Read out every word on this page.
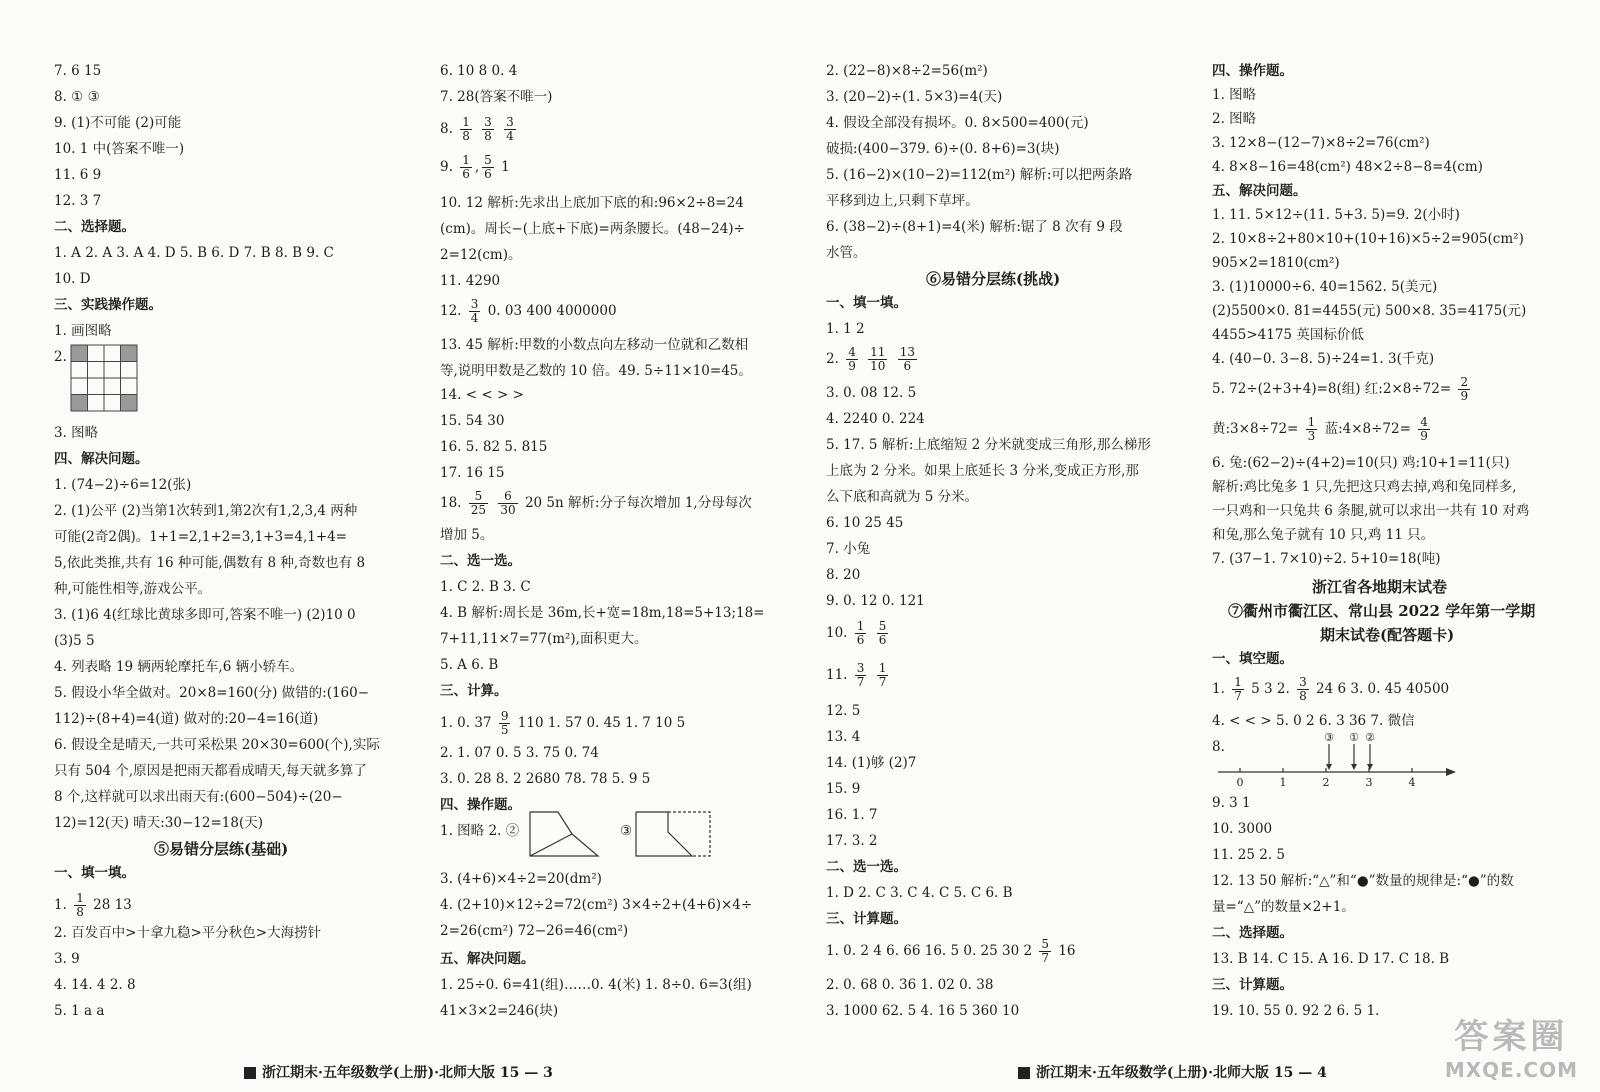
7. 6 15
8. ① ③
9. (1)不可能 (2)可能
10. 1 中(答案不唯一)
11. 6 9
12. 3 7
二、选择题。
1. A 2. A 3. A 4. D 5. B 6. D 7. B 8. B 9. C
10. D
三、实践操作题。
1. 画图略
2.
3. 图略
四、解决问题。
1. (74−2)÷6=12(张)
2. (1)公平 (2)当第1次转到1,第2次有1,2,3,4 两种
可能(2奇2偶)。1+1=2,1+2=3,1+3=4,1+4=
5,依此类推,共有 16 种可能,偶数有 8 种,奇数也有 8
种,可能性相等,游戏公平。
3. (1)6 4(红球比黄球多即可,答案不唯一) (2)10 0
(3)5 5
4. 列表略 19 辆两轮摩托车,6 辆小轿车。
5. 假设小华全做对。20×8=160(分) 做错的:(160−
112)÷(8+4)=4(道) 做对的:20−4=16(道)
6. 假设全是晴天,一共可采松果 20×30=600(个),实际
只有 504 个,原因是把雨天都看成晴天,每天就多算了
8 个,这样就可以求出雨天有:(600−504)÷(20−
12)=12(天) 晴天:30−12=18(天)
⑤易错分层练(基础)
一、填一填。
1. $\frac{1}{8} 28$ 13
2. 百发百中>十拿九稳>平分秋色>大海捞针
3. 9
4. 14. 4 2. 8
5. 1 a a
6. 10 8 0. 4
7. 28(答案不唯一)
8. $\frac{1}{8}$
$\frac{3}{8}$
$\frac{3}{4}$
9. $\frac{1}{6}$ , $\frac{5}{6} 1$
10. 12 解析:先求出上底加下底的和:96×2÷8=24
(cm)。周长−(上底+下底)=两条腰长。(48−24)÷
2=12(cm)。
11. 4290
12. $\frac{3}{4} 0$. 03 400 4000000
13. 45 解析:甲数的小数点向左移动一位就和乙数相
等,说明甲数是乙数的 10 倍。49. 5÷11×10=45。
14. < < > >
15. 54 30
16. 5. 82 5. 815
17. 16 15
18. $\frac{5}{25}$
$\frac{6}{30} 20$ 5n 解析:分子每次增加 1,分母每次
增加 5。
二、选一选。
1. C 2. B 3. C
4. B 解析:周长是 36m,长+宽=18m,18=5+13;18=
7+11,11×7=77(m²),面积更大。
5. A 6. B
三、计算。
1. 0. $37 \frac{9}{5} 110$ 1. 57 0. 45 1. 7 10 5
2. 1. 07 0. 5 3. 75 0. 74
3. 0. 28 8. 2 2680 78. 78 5. 9 5
四、操作题。
1. 图略 2. ②	③
3. (4+6)×4÷2=20(dm²)
4. (2+10)×12÷2=72(cm²) 3×4÷2+(4+6)×4÷
2=26(cm²) 72−26=46(cm²)
五、解决问题。
1. 25÷0. 6=41(组)……0. 4(米) 1. 8÷0. 6=3(组)
41×3×2=246(块)
2. (22−8)×8÷2=56(m²)
3. (20−2)÷(1. 5×3)=4(天)
4. 假设全部没有损坏。0. 8×500=400(元)
破损:(400−379. 6)÷(0. 8+6)=3(块)
5. (16−2)×(10−2)=112(m²) 解析:可以把两条路
平移到边上,只剩下草坪。
6. (38−2)÷(8+1)=4(米) 解析:锯了 8 次有 9 段
水管。
⑥易错分层练(挑战)
一、填一填。
1. 1 2
2. $\frac{4}{9}$
$\frac{11}{10}$
$\frac{13}{6}$
3. 0. 08 12. 5
4. 2240 0. 224
5. 17. 5 解析:上底缩短 2 分米就变成三角形,那么梯形
上底为 2 分米。如果上底延长 3 分米,变成正方形,那
么下底和高就为 5 分米。
6. 10 25 45
7. 小兔
8. 20
9. 0. 12 0. 121
10. $\frac{1}{6}$
$\frac{5}{6}$
11. $\frac{3}{7}$
$\frac{1}{7}$
12. 5
13. 4
14. (1)够 (2)7
15. 9
16. 1. 7
17. 3. 2
二、选一选。
1. D 2. C 3. C 4. C 5. C 6. B
三、计算题。
1. 0. 2 4 6. 66 16. 5 0. 25 30 $2 \frac{5}{7} 16$
2. 0. 68 0. 36 1. 02 0. 38
3. 1000 62. 5 4. 16 5 360 10
四、操作题。
1. 图略
2. 图略
3. 12×8−(12−7)×8÷2=76(cm²)
4. 8×8−16=48(cm²) 48×2÷8−8=4(cm)
五、解决问题。
1. 11. 5×12÷(11. 5+3. 5)=9. 2(小时)
2. 10×8÷2+80×10+(10+16)×5÷2=905(cm²)
905×2=1810(cm²)
3. (1)10000÷6. 40=1562. 5(美元)
(2)5500×0. 81=4455(元) 500×8. 35=4175(元)
4455>4175 英国标价低
4. (40−0. 3−8. 5)÷24=1. 3(千克)
5. 72÷(2+3+4)=8(组) 红:2×8÷72= $\frac{2}{9}$
黄:3×8÷72= $\frac{1}{3}$ 蓝:4×8÷72= $\frac{4}{9}$
6. 兔:(62−2)÷(4+2)=10(只) 鸡:10+1=11(只)
解析:鸡比兔多 1 只,先把这只鸡去掉,鸡和兔同样多,
一只鸡和一只兔共 6 条腿,就可以求出一共有 10 对鸡
和兔,那么兔子就有 10 只,鸡 11 只。
7. (37−1. 7×10)÷2. 5+10=18(吨)
浙江省各地期末试卷
⑦衢州市衢江区、常山县 2022 学年第一学期
期末试卷(配答题卡)
一、填空题。
1. $\frac{1}{7} 5$ 3 2. $\frac{3}{8} 24$ 6 3. 0. 45 40500
4. < < > 5. 0 2 6. 3 36 7. 微信
8.
0	1	2	3	4
③ ① ②
9. 3 1
10. 3000
11. 25 2. 5
12. 13 50 解析:“△”和“●”数量的规律是:“●”的数
量=“△”的数量×2+1。
二、选择题。
13. B 14. C 15. A 16. D 17. C 18. B
三、计算题。
19. 10. 55 0. 92 2 6. 5 1.
浙江期末·五年级数学(上册)·北师大版 15 — 3	浙江期末·五年级数学(上册)·北师大版 15 — 4
答案圈
MXQE.COM
